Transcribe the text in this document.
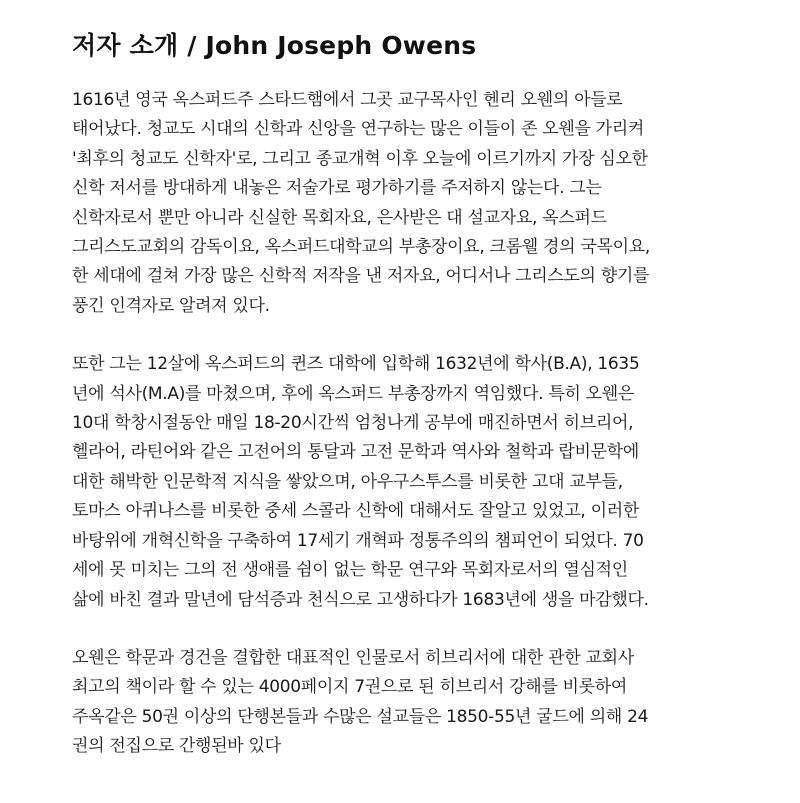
저자 소개 / John Joseph Owens
1616년 영국 옥스퍼드주 스타드햄에서 그곳 교구목사인 헨리 오웬의 아들로
태어났다. 청교도 시대의 신학과 신앙을 연구하는 많은 이들이 존 오웬을 가리켜
'최후의 청교도 신학자'로, 그리고 종교개혁 이후 오늘에 이르기까지 가장 심오한
신학 저서를 방대하게 내놓은 저술가로 평가하기를 주저하지 않는다. 그는
신학자로서 뿐만 아니라 신실한 목회자요, 은사받은 대 설교자요, 옥스퍼드
그리스도교회의 감독이요, 옥스퍼드대학교의 부총장이요, 크롬웰 경의 국목이요,
한 세대에 걸쳐 가장 많은 신학적 저작을 낸 저자요, 어디서나 그리스도의 향기를
풍긴 인격자로 알려져 있다.
또한 그는 12살에 옥스퍼드의 퀸즈 대학에 입학해 1632년에 학사(B.A), 1635
년에 석사(M.A)를 마쳤으며, 후에 옥스퍼드 부총장까지 역임했다. 특히 오웬은
10대 학창시절동안 매일 18-20시간씩 엄청나게 공부에 매진하면서 히브리어,
헬라어, 라틴어와 같은 고전어의 통달과 고전 문학과 역사와 철학과 랍비문학에
대한 해박한 인문학적 지식을 쌓았으며, 아우구스투스를 비롯한 고대 교부들,
토마스 아퀴나스를 비롯한 중세 스콜라 신학에 대해서도 잘알고 있었고, 이러한
바탕위에 개혁신학을 구축하여 17세기 개혁파 정통주의의 챔피언이 되었다. 70
세에 못 미치는 그의 전 생애를 쉼이 없는 학문 연구와 목회자로서의 열심적인
삶에 바친 결과 말년에 담석증과 천식으로 고생하다가 1683년에 생을 마감했다.
오웬은 학문과 경건을 결합한 대표적인 인물로서 히브리서에 대한 관한 교회사
최고의 책이라 할 수 있는 4000페이지 7권으로 된 히브리서 강해를 비롯하여
주옥같은 50권 이상의 단행본들과 수많은 설교들은 1850-55년 굴드에 의해 24
권의 전집으로 간행된바 있다
